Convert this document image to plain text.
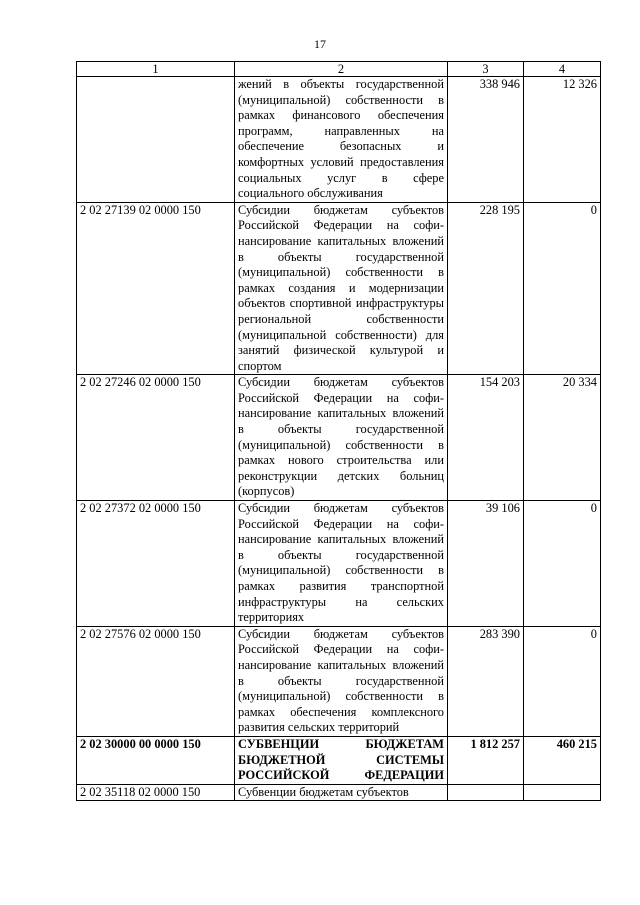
17
1	2	3	4
	жений в объекты государственной (муниципальной) собственности в рамках финансового обеспечения программ, направленных на обеспечение безопасных и комфортных условий предоставления социальных услуг в сфере социального обслуживания	338 946	12 326
2 02 27139 02 0000 150	Субсидии бюджетам субъектов Российской Федерации на софинансирование капитальных вложений в объекты государственной (муниципальной) собственности в рамках создания и модернизации объектов спортивной инфраструктуры региональной собственности (муниципальной собственности) для занятий физической культурой и спортом	228 195	0
2 02 27246 02 0000 150	Субсидии бюджетам субъектов Российской Федерации на софинансирование капитальных вложений в объекты государственной (муниципальной) собственности в рамках нового строительства или реконструкции детских больниц (корпусов)	154 203	20 334
2 02 27372 02 0000 150	Субсидии бюджетам субъектов Российской Федерации на софинансирование капитальных вложений в объекты государственной (муниципальной) собственности в рамках развития транспортной инфраструктуры на сельских территориях	39 106	0
2 02 27576 02 0000 150	Субсидии бюджетам субъектов Российской Федерации на софинансирование капитальных вложений в объекты государственной (муниципальной) собственности в рамках обеспечения комплексного развития сельских территорий	283 390	0
2 02 30000 00 0000 150	СУБВЕНЦИИ БЮДЖЕТАМ БЮДЖЕТНОЙ СИСТЕМЫ РОССИЙСКОЙ ФЕДЕРАЦИИ	1 812 257	460 215
2 02 35118 02 0000 150	Субвенции бюджетам субъектов		
